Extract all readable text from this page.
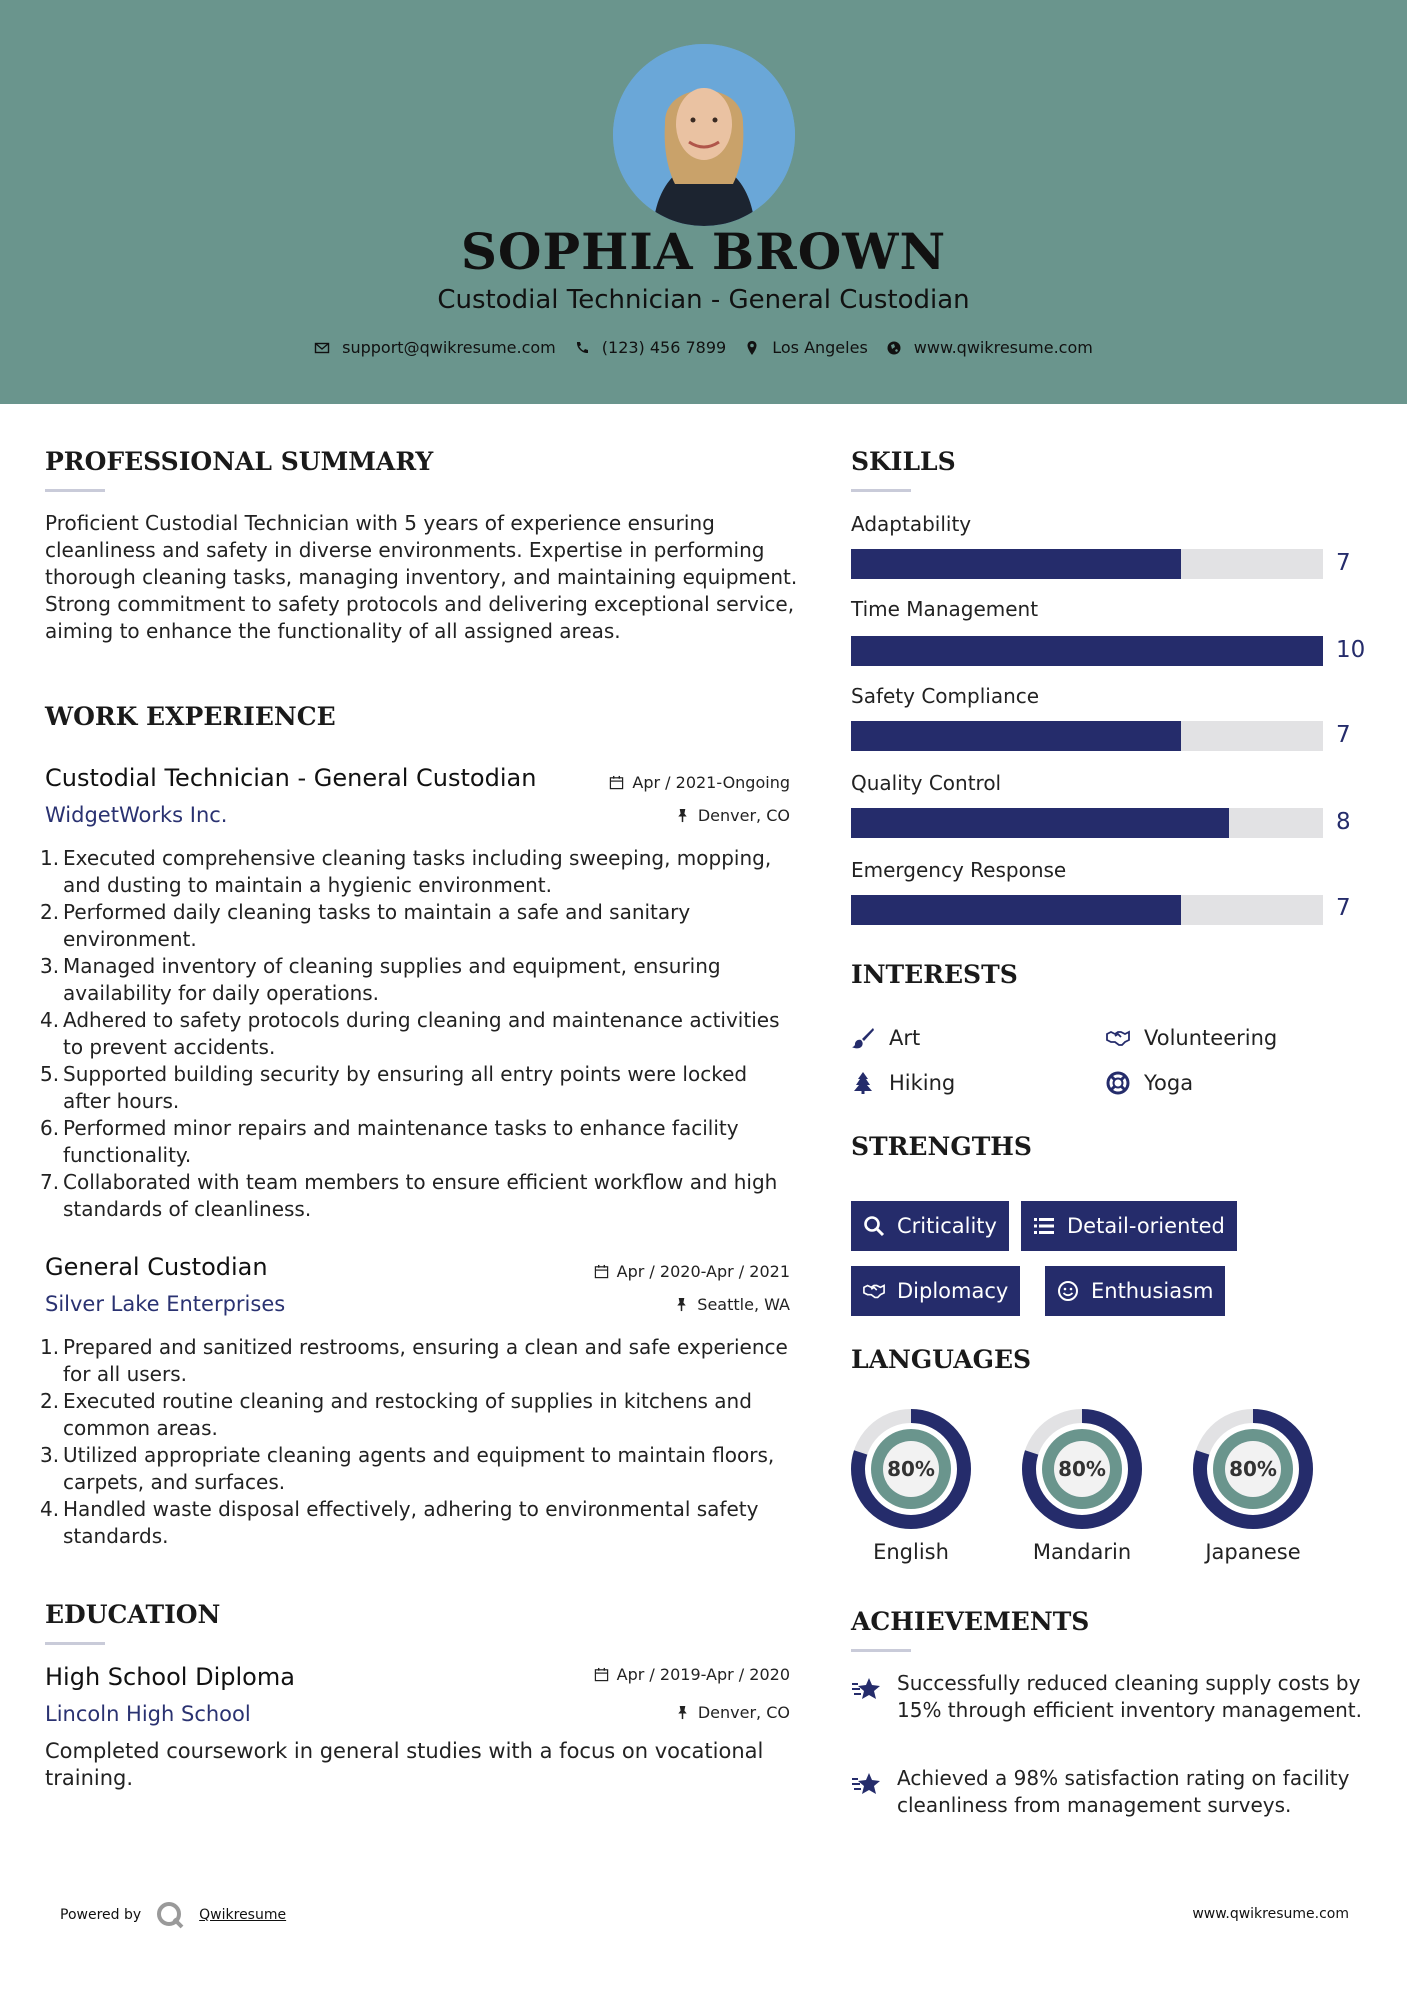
SOPHIA BROWN
Custodial Technician - General Custodian
support@qwikresume.com	(123) 456 7899	Los Angeles	www.qwikresume.com
PROFESSIONAL SUMMARY
Proficient Custodial Technician with 5 years of experience ensuring cleanliness and safety in diverse environments. Expertise in performing thorough cleaning tasks, managing inventory, and maintaining equipment. Strong commitment to safety protocols and delivering exceptional service, aiming to enhance the functionality of all assigned areas.
WORK EXPERIENCE
Custodial Technician - General Custodian	Apr / 2021-Ongoing
WidgetWorks Inc.	Denver, CO
1. Executed comprehensive cleaning tasks including sweeping, mopping, and dusting to maintain a hygienic environment.
2. Performed daily cleaning tasks to maintain a safe and sanitary environment.
3. Managed inventory of cleaning supplies and equipment, ensuring availability for daily operations.
4. Adhered to safety protocols during cleaning and maintenance activities to prevent accidents.
5. Supported building security by ensuring all entry points were locked after hours.
6. Performed minor repairs and maintenance tasks to enhance facility functionality.
7. Collaborated with team members to ensure efficient workflow and high standards of cleanliness.
General Custodian	Apr / 2020-Apr / 2021
Silver Lake Enterprises	Seattle, WA
1. Prepared and sanitized restrooms, ensuring a clean and safe experience for all users.
2. Executed routine cleaning and restocking of supplies in kitchens and common areas.
3. Utilized appropriate cleaning agents and equipment to maintain floors, carpets, and surfaces.
4. Handled waste disposal effectively, adhering to environmental safety standards.
EDUCATION
High School Diploma	Apr / 2019-Apr / 2020
Lincoln High School	Denver, CO
Completed coursework in general studies with a focus on vocational training.
SKILLS
Adaptability
7
Time Management
10
Safety Compliance
7
Quality Control
8
Emergency Response
7
INTERESTS
Art	Volunteering
Hiking	Yoga
STRENGTHS
Criticality	Detail-oriented
Diplomacy	Enthusiasm
LANGUAGES
80%
English
80%
Mandarin
80%
Japanese
ACHIEVEMENTS
Successfully reduced cleaning supply costs by 15% through efficient inventory management.
Achieved a 98% satisfaction rating on facility cleanliness from management surveys.
Powered by	Qwikresume	www.qwikresume.com
